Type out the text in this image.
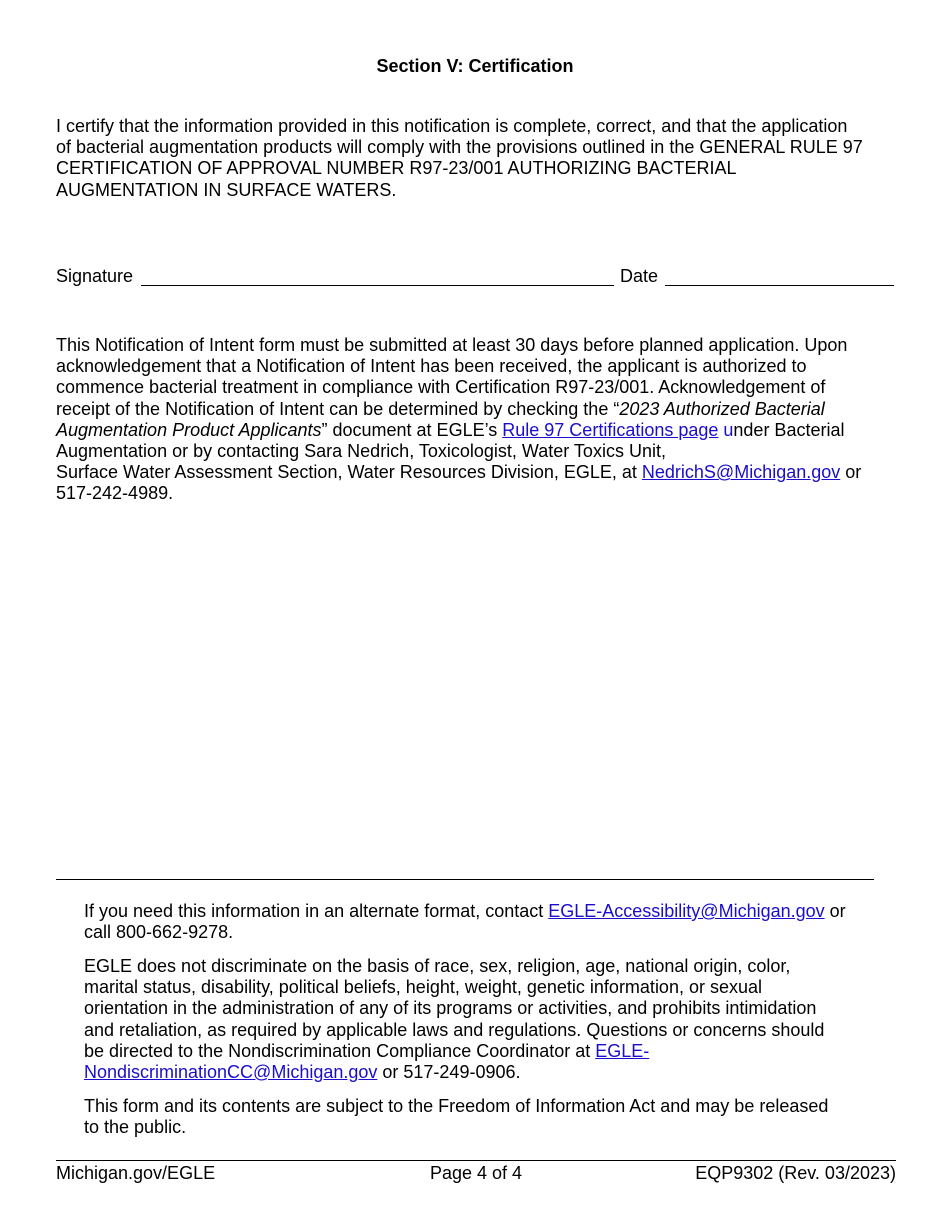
Section V: Certification
I certify that the information provided in this notification is complete, correct, and that the application
of bacterial augmentation products will comply with the provisions outlined in the GENERAL RULE 97
CERTIFICATION OF APPROVAL NUMBER R97-23/001 AUTHORIZING BACTERIAL
AUGMENTATION IN SURFACE WATERS.
Signature	Date
This Notification of Intent form must be submitted at least 30 days before planned application. Upon
acknowledgement that a Notification of Intent has been received, the applicant is authorized to
commence bacterial treatment in compliance with Certification R97-23/001. Acknowledgement of
receipt of the Notification of Intent can be determined by checking the “2023 Authorized Bacterial
Augmentation Product Applicants” document at EGLE’s Rule 97 Certifications page under Bacterial
Augmentation or by contacting Sara Nedrich, Toxicologist, Water Toxics Unit,
Surface Water Assessment Section, Water Resources Division, EGLE, at NedrichS@Michigan.gov or
517-242-4989.
If you need this information in an alternate format, contact EGLE-Accessibility@Michigan.gov or
call 800-662-9278.
EGLE does not discriminate on the basis of race, sex, religion, age, national origin, color,
marital status, disability, political beliefs, height, weight, genetic information, or sexual
orientation in the administration of any of its programs or activities, and prohibits intimidation
and retaliation, as required by applicable laws and regulations. Questions or concerns should
be directed to the Nondiscrimination Compliance Coordinator at EGLE-
NondiscriminationCC@Michigan.gov or 517-249-0906.
This form and its contents are subject to the Freedom of Information Act and may be released
to the public.
Michigan.gov/EGLE	Page 4 of 4	EQP9302 (Rev. 03/2023)
